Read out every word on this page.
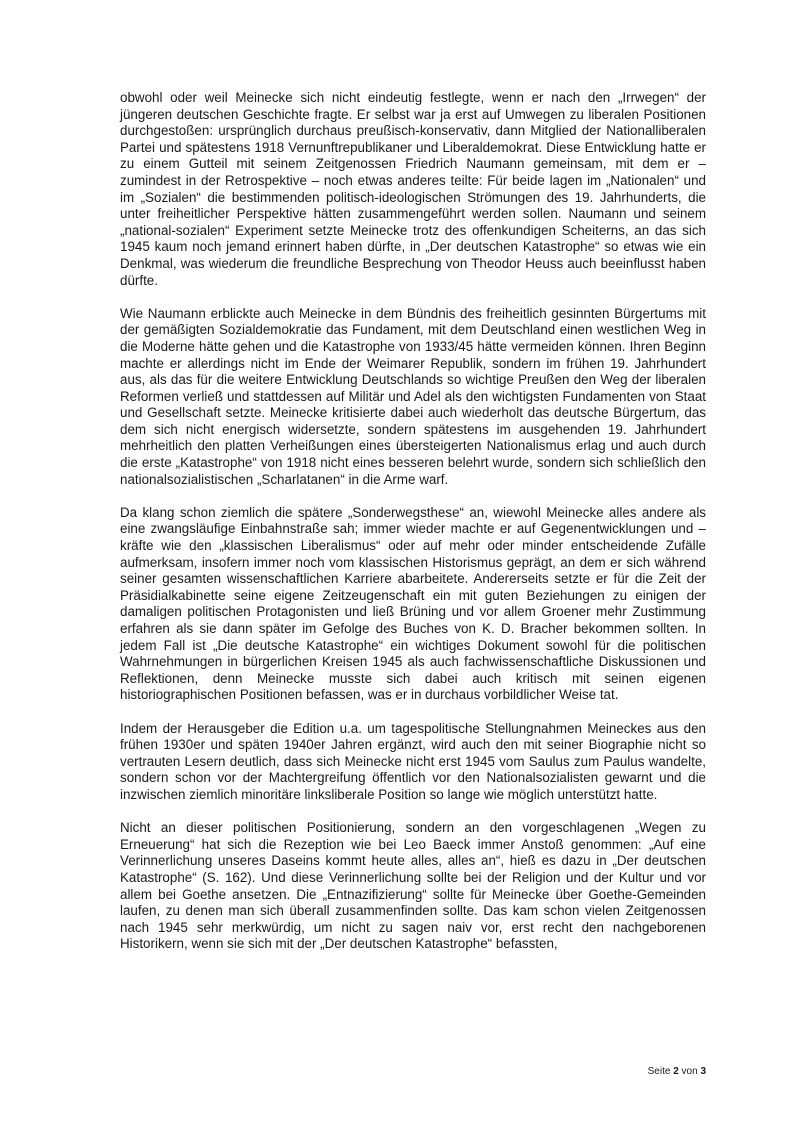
obwohl oder weil Meinecke sich nicht eindeutig festlegte, wenn er nach den „Irrwegen“ der jüngeren deutschen Geschichte fragte. Er selbst war ja erst auf Umwegen zu liberalen Positionen durchgestoßen: ursprünglich durchaus preußisch-konservativ, dann Mitglied der Nationalliberalen Partei und spätestens 1918 Vernunftrepublikaner und Liberaldemokrat. Diese Entwicklung hatte er zu einem Gutteil mit seinem Zeitgenossen Friedrich Naumann gemeinsam, mit dem er – zumindest in der Retrospektive – noch etwas anderes teilte: Für beide lagen im „Nationalen“ und im „Sozialen“ die bestimmenden politisch-ideologischen Strömungen des 19. Jahrhunderts, die unter freiheitlicher Perspektive hätten zusammengeführt werden sollen. Naumann und seinem „national-sozialen“ Experiment setzte Meinecke trotz des offenkundigen Scheiterns, an das sich 1945 kaum noch jemand erinnert haben dürfte, in „Der deutschen Katastrophe“ so etwas wie ein Denkmal, was wiederum die freundliche Besprechung von Theodor Heuss auch beeinflusst haben dürfte.

Wie Naumann erblickte auch Meinecke in dem Bündnis des freiheitlich gesinnten Bürgertums mit der gemäßigten Sozialdemokratie das Fundament, mit dem Deutschland einen westlichen Weg in die Moderne hätte gehen und die Katastrophe von 1933/45 hätte vermeiden können. Ihren Beginn machte er allerdings nicht im Ende der Weimarer Republik, sondern im frühen 19. Jahrhundert aus, als das für die weitere Entwicklung Deutschlands so wichtige Preußen den Weg der liberalen Reformen verließ und stattdessen auf Militär und Adel als den wichtigsten Fundamenten von Staat und Gesellschaft setzte. Meinecke kritisierte dabei auch wiederholt das deutsche Bürgertum, das dem sich nicht energisch widersetzte, sondern spätestens im ausgehenden 19. Jahrhundert mehrheitlich den platten Verheißungen eines übersteigerten Nationalismus erlag und auch durch die erste „Katastrophe“ von 1918 nicht eines besseren belehrt wurde, sondern sich schließlich den nationalsozialistischen „Scharlatanen“ in die Arme warf.

Da klang schon ziemlich die spätere „Sonderwegsthese“ an, wiewohl Meinecke alles andere als eine zwangsläufige Einbahnstraße sah; immer wieder machte er auf Gegenentwicklungen und –kräfte wie den „klassischen Liberalismus“ oder auf mehr oder minder entscheidende Zufälle aufmerksam, insofern immer noch vom klassischen Historismus geprägt, an dem er sich während seiner gesamten wissenschaftlichen Karriere abarbeitete. Andererseits setzte er für die Zeit der Präsidialkabinette seine eigene Zeitzeugenschaft ein mit guten Beziehungen zu einigen der damaligen politischen Protagonisten und ließ Brüning und vor allem Groener mehr Zustimmung erfahren als sie dann später im Gefolge des Buches von K. D. Bracher bekommen sollten. In jedem Fall ist „Die deutsche Katastrophe“ ein wichtiges Dokument sowohl für die politischen Wahrnehmungen in bürgerlichen Kreisen 1945 als auch fachwissenschaftliche Diskussionen und Reflektionen, denn Meinecke musste sich dabei auch kritisch mit seinen eigenen historiographischen Positionen befassen, was er in durchaus vorbildlicher Weise tat.

Indem der Herausgeber die Edition u.a. um tagespolitische Stellungnahmen Meineckes aus den frühen 1930er und späten 1940er Jahren ergänzt, wird auch den mit seiner Biographie nicht so vertrauten Lesern deutlich, dass sich Meinecke nicht erst 1945 vom Saulus zum Paulus wandelte, sondern schon vor der Machtergreifung öffentlich vor den Nationalsozialisten gewarnt und die inzwischen ziemlich minoritäre linksliberale Position so lange wie möglich unterstützt hatte.

Nicht an dieser politischen Positionierung, sondern an den vorgeschlagenen „Wegen zu Erneuerung“ hat sich die Rezeption wie bei Leo Baeck immer Anstoß genommen: „Auf eine Verinnerlichung unseres Daseins kommt heute alles, alles an“, hieß es dazu in „Der deutschen Katastrophe“ (S. 162). Und diese Verinnerlichung sollte bei der Religion und der Kultur und vor allem bei Goethe ansetzen. Die „Entnazifizierung“ sollte für Meinecke über Goethe-Gemeinden laufen, zu denen man sich überall zusammenfinden sollte. Das kam schon vielen Zeitgenossen nach 1945 sehr merkwürdig, um nicht zu sagen naiv vor, erst recht den nachgeborenen Historikern, wenn sie sich mit der „Der deutschen Katastrophe“ befassten,

Seite 2 von 3
